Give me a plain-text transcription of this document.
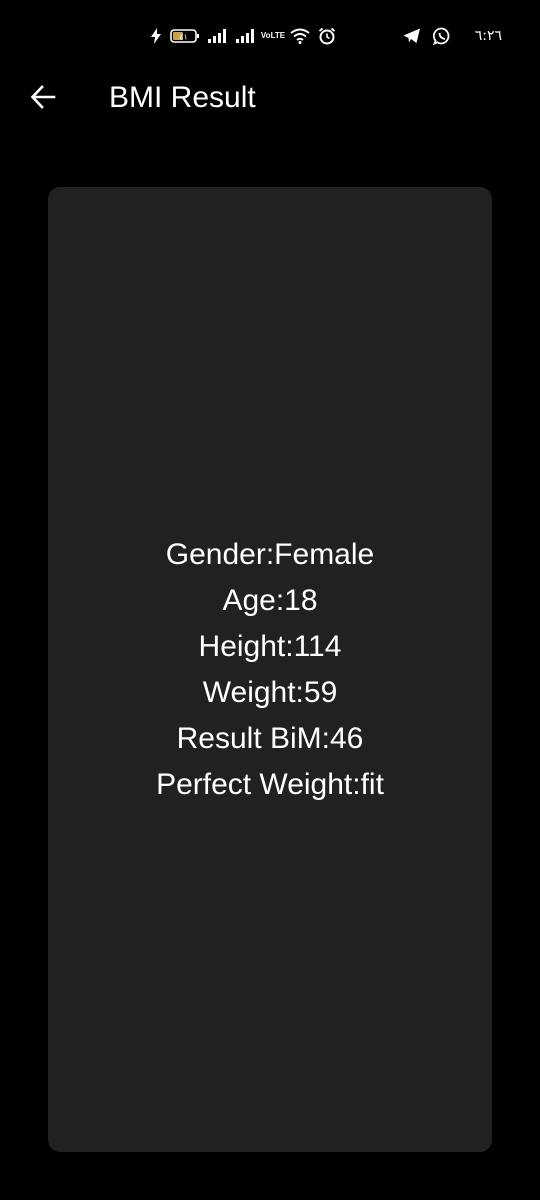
٤١	Vo LTE	٦:٢٦
BMI Result
Gender:Female
Age:18
Height:114
Weight:59
Result BiM:46
Perfect Weight:fit
